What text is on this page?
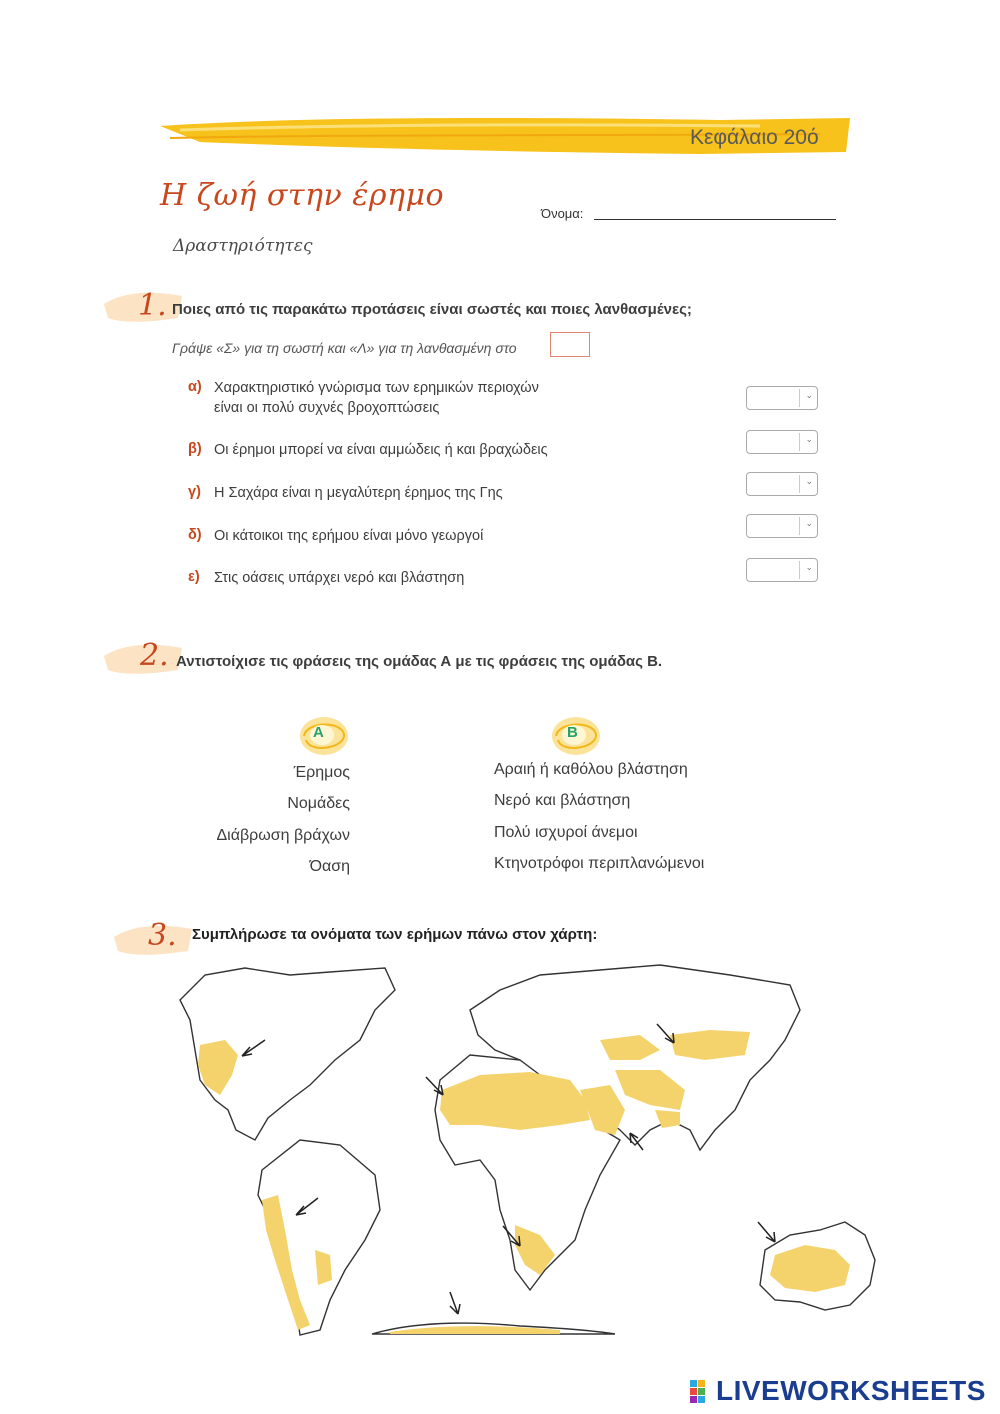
Κεφάλαιο 20ό
Η ζωή στην έρημο
Δραστηριότητες
Όνομα:
1. Ποιες από τις παρακάτω προτάσεις είναι σωστές και ποιες λανθασμένες;
Γράψε «Σ» για τη σωστή και «Λ» για τη λανθασμένη στο
α) Χαρακτηριστικό γνώρισμα των ερημικών περιοχών
είναι οι πολύ συχνές βροχοπτώσεις
⌄
β) Οι έρημοι μπορεί να είναι αμμώδεις ή και βραχώδεις
⌄
γ) Η Σαχάρα είναι η μεγαλύτερη έρημος της Γης
⌄
δ) Οι κάτοικοι της ερήμου είναι μόνο γεωργοί
⌄
ε) Στις οάσεις υπάρχει νερό και βλάστηση
⌄
2. Αντιστοίχισε τις φράσεις της ομάδας Α με τις φράσεις της ομάδας Β.
A	B
Έρημος
Νομάδες
Διάβρωση βράχων
Όαση
Αραιή ή καθόλου βλάστηση
Νερό και βλάστηση
Πολύ ισχυροί άνεμοι
Κτηνοτρόφοι περιπλανώμενοι
3. Συμπλήρωσε τα ονόματα των ερήμων πάνω στον χάρτη:
LIVEWORKSHEETS
